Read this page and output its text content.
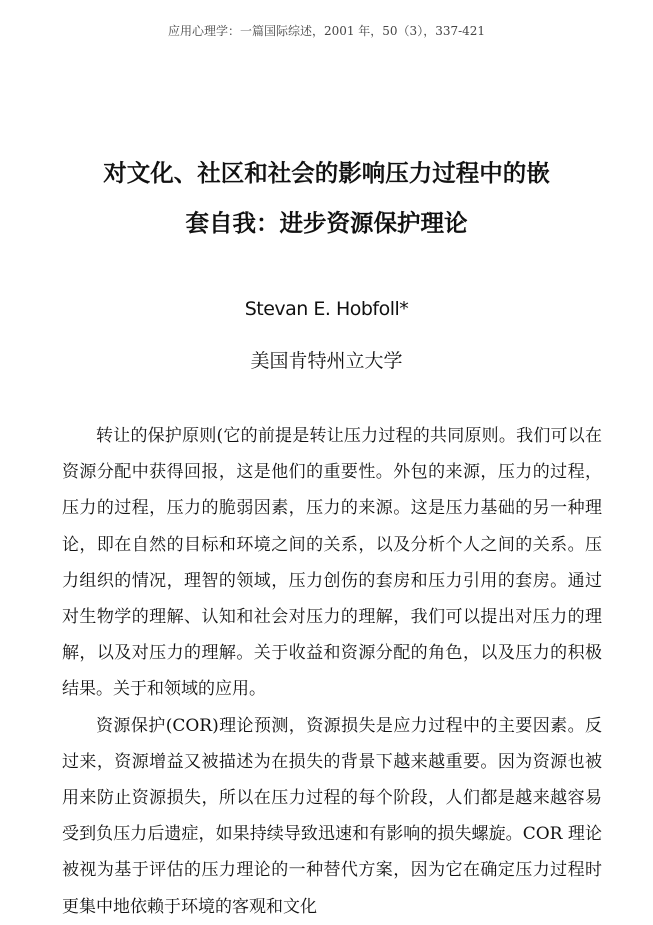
应用心理学：一篇国际综述，2001 年，50（3），337-421
对文化、社区和社会的影响压力过程中的嵌
套自我：进步资源保护理论
Stevan E. Hobfoll*
美国肯特州立大学

转让的保护原则(它的前提是转让压力过程的共同原则。我们可以在资源分配中获得回报，这是他们的重要性。外包的来源，压力的过程，压力的过程，压力的脆弱因素，压力的来源。这是压力基础的另一种理论，即在自然的目标和环境之间的关系，以及分析个人之间的关系。压力组织的情况，理智的领域，压力创伤的套房和压力引用的套房。通过对生物学的理解、认知和社会对压力的理解，我们可以提出对压力的理解，以及对压力的理解。关于收益和资源分配的角色，以及压力的积极结果。关于和领域的应用。

资源保护(COR)理论预测，资源损失是应力过程中的主要因素。反过来，资源增益又被描述为在损失的背景下越来越重要。因为资源也被用来防止资源损失，所以在压力过程的每个阶段，人们都是越来越容易受到负压力后遗症，如果持续导致迅速和有影响的损失螺旋。COR 理论被视为基于评估的压力理论的一种替代方案，因为它在确定压力过程时更集中地依赖于环境的客观和文化
